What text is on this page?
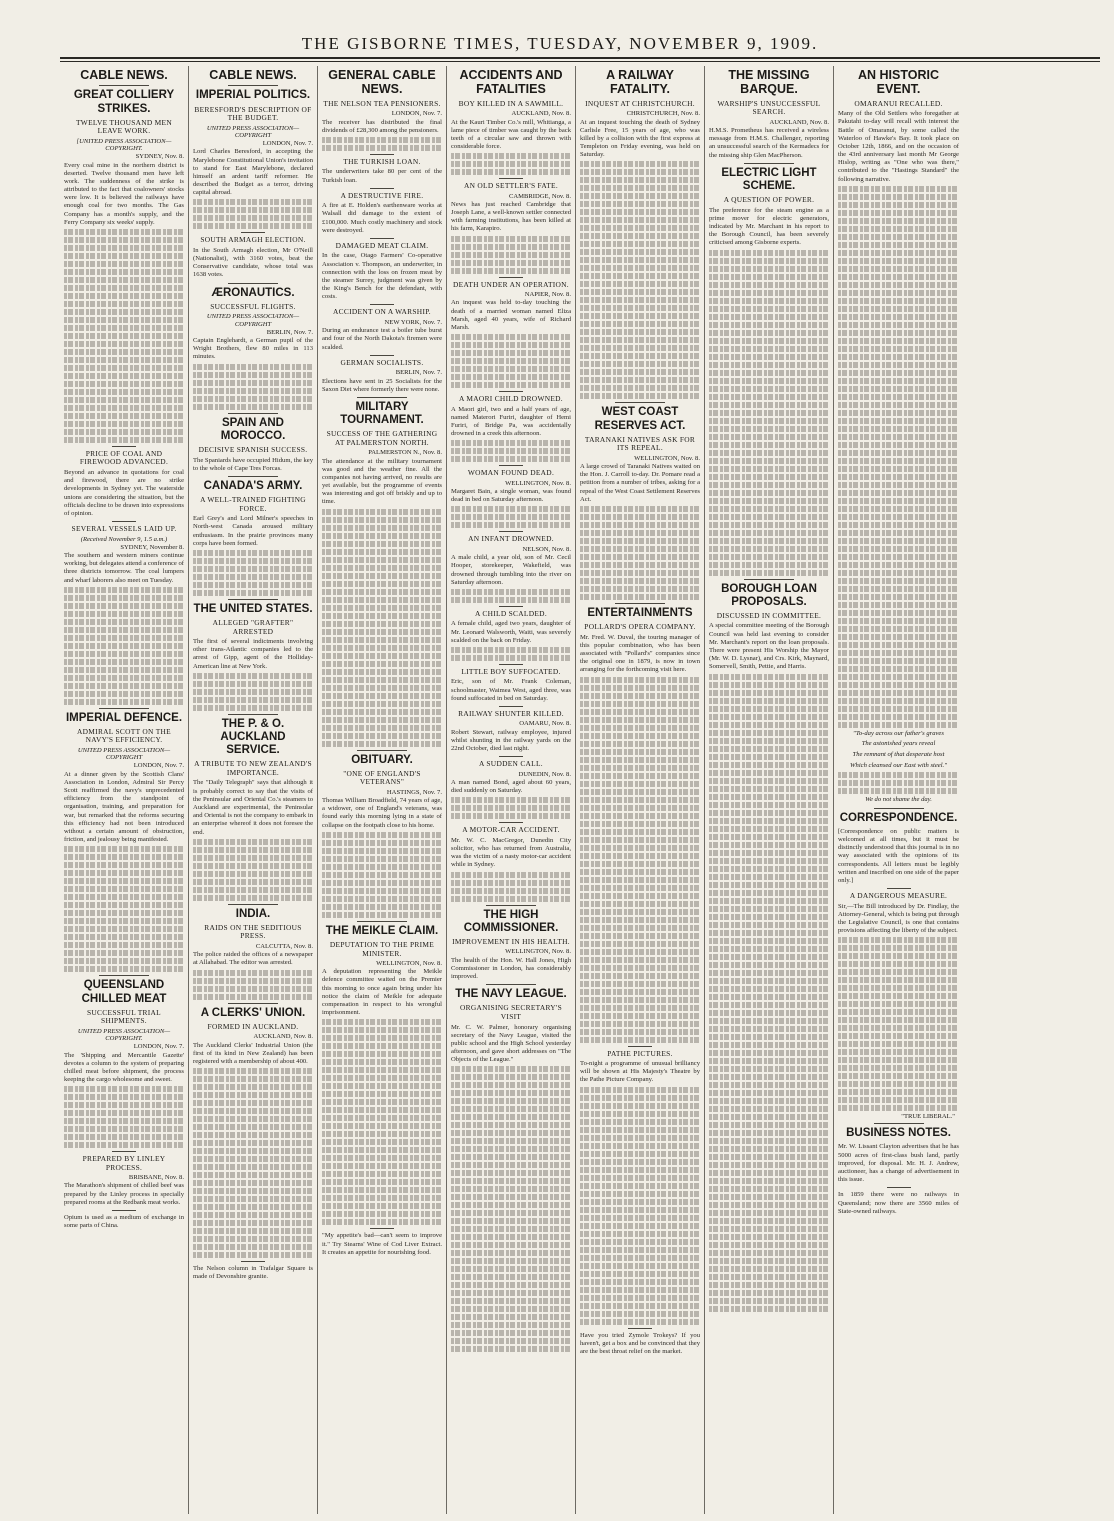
THE GISBORNE TIMES, TUESDAY, NOVEMBER 9, 1909.
CABLE NEWS.
GREAT COLLIERY STRIKES.
TWELVE THOUSAND MEN LEAVE WORK.
[UNITED PRESS ASSOCIATION—COPYRIGHT.
SYDNEY, Nov. 8.

Every coal mine in the northern district is deserted. Twelve thousand men have left work. The suddenness of the strike is attributed to the fact that coalowners' stocks were low. It is believed the railways have enough coal for two months. The Gas Company has a month's supply, and the Ferry Company six weeks' supply.

PRICE OF COAL AND FIREWOOD ADVANCED.

Beyond an advance in quotations for coal and firewood, there are no strike developments in Sydney yet. The waterside unions are considering the situation, but the officials decline to be drawn into expressions of opinion.

SEVERAL VESSELS LAID UP.
(Received November 9, 1.5 a.m.)
SYDNEY, November 8.

The southern and western miners continue working, but delegates attend a conference of three districts tomorrow. The coal lumpers and wharf laborers also meet on Tuesday.

IMPERIAL DEFENCE.
ADMIRAL SCOTT ON THE NAVY'S EFFICIENCY.
UNITED PRESS ASSOCIATION—COPYRIGHT
LONDON, Nov. 7.

At a dinner given by the Scottish Clans' Association in London, Admiral Sir Percy Scott reaffirmed the navy's unprecedented efficiency from the standpoint of organisation, training, and preparation for war, but remarked that the reforms securing this efficiency had not been introduced without a certain amount of obstruction, friction, and jealousy being manifested.

QUEENSLAND CHILLED MEAT
SUCCESSFUL TRIAL SHIPMENTS.
UNITED PRESS ASSOCIATION—COPYRIGHT.
LONDON, Nov. 7.

The 'Shipping and Mercantile Gazette' devotes a column to the system of preparing chilled meat before shipment, the process keeping the cargo wholesome and sweet.

PREPARED BY LINLEY PROCESS.
BRISBANE, Nov. 8.

The Marathon's shipment of chilled beef was prepared by the Linley process in specially prepared rooms at the Redbank meat works.

Opium is used as a medium of exchange in some parts of China.

CABLE NEWS.
IMPERIAL POLITICS.
BERESFORD'S DESCRIPTION OF THE BUDGET.
UNITED PRESS ASSOCIATION—COPYRIGHT
LONDON, Nov. 7.

Lord Charles Beresford, in accepting the Marylebone Constitutional Union's invitation to stand for East Marylebone, declared himself an ardent tariff reformer. He described the Budget as a terror, driving capital abroad.

SOUTH ARMAGH ELECTION.

In the South Armagh election, Mr O'Neill (Nationalist), with 3160 votes, beat the Conservative candidate, whose total was 1638 votes.

ÆRONAUTICS.
SUCCESSFUL FLIGHTS.
UNITED PRESS ASSOCIATION—COPYRIGHT
BERLIN, Nov. 7.

Captain Englehardt, a German pupil of the Wright Brothers, flew 80 miles in 113 minutes.

SPAIN AND MOROCCO.
DECISIVE SPANISH SUCCESS.

The Spaniards have occupied Hidum, the key to the whole of Cape Tres Forcas.

CANADA'S ARMY.
A WELL-TRAINED FIGHTING FORCE.

Earl Grey's and Lord Milner's speeches in North-west Canada aroused military enthusiasm. In the prairie provinces many corps have been formed.

THE UNITED STATES.
ALLEGED "GRAFTER" ARRESTED

The first of several indictments involving other trans-Atlantic companies led to the arrest of Gipp, agent of the Holliday-American line at New York.

THE P. & O. AUCKLAND SERVICE.
A TRIBUTE TO NEW ZEALAND'S IMPORTANCE.

The "Daily Telegraph" says that although it is probably correct to say that the visits of the Peninsular and Oriental Co.'s steamers to Auckland are experimental, the Peninsular and Oriental is not the company to embark in an enterprise whereof it does not foresee the end.

INDIA.
RAIDS ON THE SEDITIOUS PRESS.
CALCUTTA, Nov. 8.

The police raided the offices of a newspaper at Allahabad. The editor was arrested.

A CLERKS' UNION.
FORMED IN AUCKLAND.
AUCKLAND, Nov. 8.

The Auckland Clerks' Industrial Union (the first of its kind in New Zealand) has been registered with a membership of about 400.

The Nelson column in Trafalgar Square is made of Devonshire granite.

GENERAL CABLE NEWS.
THE NELSON TEA PENSIONERS.
LONDON, Nov. 7.

The receiver has distributed the final dividends of £28,300 among the pensioners.

THE TURKISH LOAN.

The underwriters take 80 per cent of the Turkish loan.

A DESTRUCTIVE FIRE.

A fire at E. Holden's earthenware works at Walsall did damage to the extent of £100,000. Much costly machinery and stock were destroyed.

DAMAGED MEAT CLAIM.

In the case, Otago Farmers' Co-operative Association v. Thompson, an underwriter, in connection with the loss on frozen meat by the steamer Surrey, judgment was given by the King's Bench for the defendant, with costs.

ACCIDENT ON A WARSHIP.
NEW YORK, Nov. 7.

During an endurance test a boiler tube burst and four of the North Dakota's firemen were scalded.

GERMAN SOCIALISTS.
BERLIN, Nov. 7.

Elections have sent in 25 Socialists for the Saxon Diet where formerly there were none.

MILITARY TOURNAMENT.
SUCCESS OF THE GATHERING AT PALMERSTON NORTH.
PALMERSTON N., Nov. 8.

The attendance at the military tournament was good and the weather fine. All the companies not having arrived, no results are yet available, but the programme of events was interesting and got off briskly and up to time.

OBITUARY.
"ONE OF ENGLAND'S VETERANS"
HASTINGS, Nov. 7.

Thomas William Broadfield, 74 years of age, a widower, one of England's veterans, was found early this morning lying in a state of collapse on the footpath close to his home.

THE MEIKLE CLAIM.
DEPUTATION TO THE PRIME MINISTER.
WELLINGTON, Nov. 8.

A deputation representing the Meikle defence committee waited on the Premier this morning to once again bring under his notice the claim of Meikle for adequate compensation in respect to his wrongful imprisonment.

"My appetite's bad—can't seem to improve it." Try Stearns' Wine of Cod Liver Extract. It creates an appetite for nourishing food.

ACCIDENTS AND FATALITIES
BOY KILLED IN A SAWMILL.
AUCKLAND, Nov. 8.

At the Kauri Timber Co.'s mill, Whitianga, a lame piece of timber was caught by the back teeth of a circular saw and thrown with considerable force.

AN OLD SETTLER'S FATE.
CAMBRIDGE, Nov. 8.

News has just reached Cambridge that Joseph Lane, a well-known settler connected with farming institutions, has been killed at his farm, Karapiro.

DEATH UNDER AN OPERATION.
NAPIER, Nov. 8.

An inquest was held to-day touching the death of a married woman named Eliza Marsh, aged 40 years, wife of Richard Marsh.

A MAORI CHILD DROWNED.

A Maori girl, two and a half years of age, named Materori Furiri, daughter of Hemi Furiri, of Bridge Pa, was accidentally drowned in a creek this afternoon.

WOMAN FOUND DEAD.
WELLINGTON, Nov. 8.

Margaret Bain, a single woman, was found dead in bed on Saturday afternoon.

AN INFANT DROWNED.
NELSON, Nov. 8.

A male child, a year old, son of Mr. Cecil Hooper, storekeeper, Wakefield, was drowned through tumbling into the river on Saturday afternoon.

A CHILD SCALDED.

A female child, aged two years, daughter of Mr. Leonard Walsworth, Waiti, was severely scalded on the back on Friday.

LITTLE BOY SUFFOCATED.

Eric, son of Mr. Frank Coleman, schoolmaster, Waimea West, aged three, was found suffocated in bed on Saturday.

RAILWAY SHUNTER KILLED.
OAMARU, Nov. 8.

Robert Stewart, railway employee, injured whilst shunting in the railway yards on the 22nd October, died last night.

A SUDDEN CALL.
DUNEDIN, Nov. 8.

A man named Bond, aged about 60 years, died suddenly on Saturday.

A MOTOR-CAR ACCIDENT.

Mr. W. C. MacGregor, Dunedin City solicitor, who has returned from Australia, was the victim of a nasty motor-car accident while in Sydney.

THE HIGH COMMISSIONER.
IMPROVEMENT IN HIS HEALTH.
WELLINGTON, Nov. 8.

The health of the Hon. W. Hall Jones, High Commissioner in London, has considerably improved.

THE NAVY LEAGUE.
ORGANISING SECRETARY'S VISIT

Mr. C. W. Palmer, honorary organising secretary of the Navy League, visited the public school and the High School yesterday afternoon, and gave short addresses on "The Objects of the League."

A RAILWAY FATALITY.
INQUEST AT CHRISTCHURCH.
CHRISTCHURCH, Nov. 8.

At an inquest touching the death of Sydney Carlisle Free, 15 years of age, who was killed by a collision with the first express at Templeton on Friday evening, was held on Saturday.

WEST COAST RESERVES ACT.
TARANAKI NATIVES ASK FOR ITS REPEAL.
WELLINGTON, Nov. 8.

A large crowd of Taranaki Natives waited on the Hon. J. Carroll to-day. Dr. Pomare read a petition from a number of tribes, asking for a repeal of the West Coast Settlement Reserves Act.

ENTERTAINMENTS
POLLARD'S OPERA COMPANY.

Mr. Fred. W. Duval, the touring manager of this popular combination, who has been associated with "Pollard's" companies since the original one in 1879, is now in town arranging for the forthcoming visit here.

PATHE PICTURES.

To-night a programme of unusual brilliancy will be shown at His Majesty's Theatre by the Pathe Picture Company.

Have you tried Zymole Trokeys? If you haven't, get a box and be convinced that they are the best throat relief on the market.

THE MISSING BARQUE.
WARSHIP'S UNSUCCESSFUL SEARCH.
AUCKLAND, Nov. 8.

H.M.S. Prometheus has received a wireless message from H.M.S. Challenger, reporting an unsuccessful search of the Kermadecs for the missing ship Glen MacPherson.

ELECTRIC LIGHT SCHEME.
A QUESTION OF POWER.

The preference for the steam engine as a prime mover for electric generators, indicated by Mr. Marchant in his report to the Borough Council, has been severely criticised among Gisborne experts.

BOROUGH LOAN PROPOSALS.
DISCUSSED IN COMMITTEE.

A special committee meeting of the Borough Council was held last evening to consider Mr. Marchant's report on the loan proposals. There were present His Worship the Mayor (Mr. W. D. Lysnar), and Crs. Kirk, Maynard, Somervell, Smith, Pettie, and Harris.

AN HISTORIC EVENT.
OMARANUI RECALLED.

Many of the Old Settlers who foregather at Pakutahi to-day will recall with interest the Battle of Omaranui, by some called the Waterloo of Hawke's Bay. It took place on October 12th, 1866, and on the occasion of the 43rd anniversary last month Mr George Hislop, writing as "One who was there," contributed to the "Hastings Standard" the following narrative.

"To-day across our father's graves
The astonished years reveal
The remnant of that desperate host
Which cleansed our East with steel."
We do not shame the day.
CORRESPONDENCE.

[Correspondence on public matters is welcomed at all times, but it must be distinctly understood that this journal is in no way associated with the opinions of its correspondents. All letters must be legibly written and inscribed on one side of the paper only.]

A DANGEROUS MEASURE.

Sir,—The Bill introduced by Dr. Findlay, the Attorney-General, which is being put through the Legislative Council, is one that contains provisions affecting the liberty of the subject.

"TRUE LIBERAL."
BUSINESS NOTES.

Mr. W. Lissant Clayton advertises that he has 5000 acres of first-class bush land, partly improved, for disposal. Mr. H. J. Andrew, auctioneer, has a change of advertisement in this issue.

In 1859 there were no railways in Queensland; now there are 3560 miles of State-owned railways.
